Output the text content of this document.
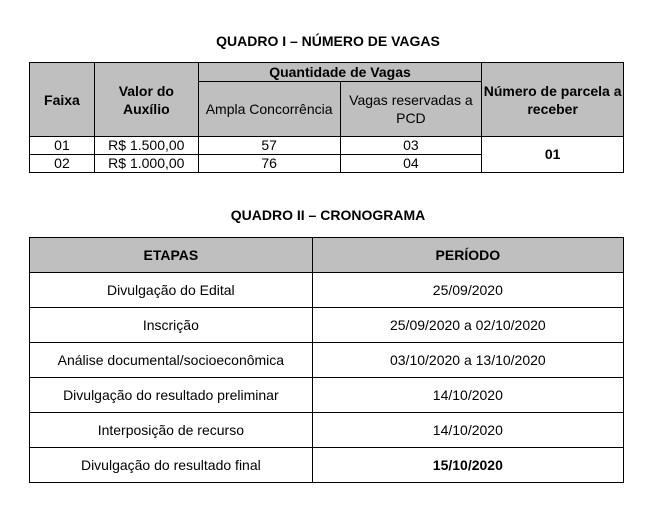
QUADRO I – NÚMERO DE VAGAS
Faixa	Valor do Auxílio	Quantidade de Vagas		Número de parcela a receber
		Ampla Concorrência	Vagas reservadas a PCD	
01	R$ 1.500,00	57	03	01
02	R$ 1.000,00	76	04	
QUADRO II – CRONOGRAMA
ETAPAS	PERÍODO
Divulgação do Edital	25/09/2020
Inscrição	25/09/2020 a 02/10/2020
Análise documental/socioeconômica	03/10/2020 a 13/10/2020
Divulgação do resultado preliminar	14/10/2020
Interposição de recurso	14/10/2020
Divulgação do resultado final	15/10/2020
